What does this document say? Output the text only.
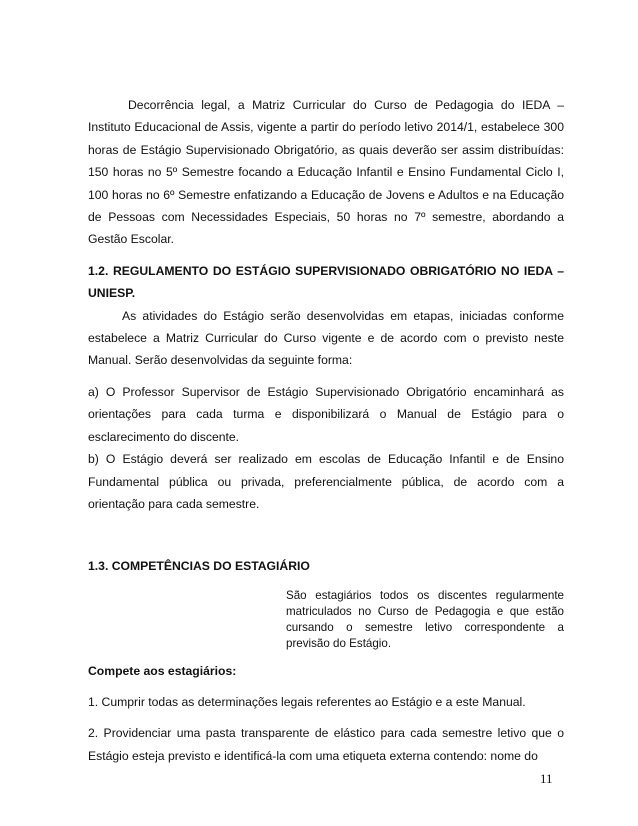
Decorrência legal, a Matriz Curricular do Curso de Pedagogia do IEDA – Instituto Educacional de Assis, vigente a partir do período letivo 2014/1, estabelece 300 horas de Estágio Supervisionado Obrigatório, as quais deverão ser assim distribuídas: 150 horas no 5º Semestre focando a Educação Infantil e Ensino Fundamental Ciclo I, 100 horas no 6º Semestre enfatizando a Educação de Jovens e Adultos e na Educação de Pessoas com Necessidades Especiais, 50 horas no 7º semestre, abordando a Gestão Escolar.

1.2. REGULAMENTO DO ESTÁGIO SUPERVISIONADO OBRIGATÓRIO NO IEDA – UNIESP.

As atividades do Estágio serão desenvolvidas em etapas, iniciadas conforme estabelece a Matriz Curricular do Curso vigente e de acordo com o previsto neste Manual. Serão desenvolvidas da seguinte forma:

a) O Professor Supervisor de Estágio Supervisionado Obrigatório encaminhará as orientações para cada turma e disponibilizará o Manual de Estágio para o esclarecimento do discente.

b) O Estágio deverá ser realizado em escolas de Educação Infantil e de Ensino Fundamental pública ou privada, preferencialmente pública, de acordo com a orientação para cada semestre.

1.3. COMPETÊNCIAS DO ESTAGIÁRIO

São estagiários todos os discentes regularmente matriculados no Curso de Pedagogia e que estão cursando o semestre letivo correspondente a previsão do Estágio.

Compete aos estagiários:

1. Cumprir todas as determinações legais referentes ao Estágio e a este Manual.

2. Providenciar uma pasta transparente de elástico para cada semestre letivo que o Estágio esteja previsto e identificá-la com uma etiqueta externa contendo: nome do

11
